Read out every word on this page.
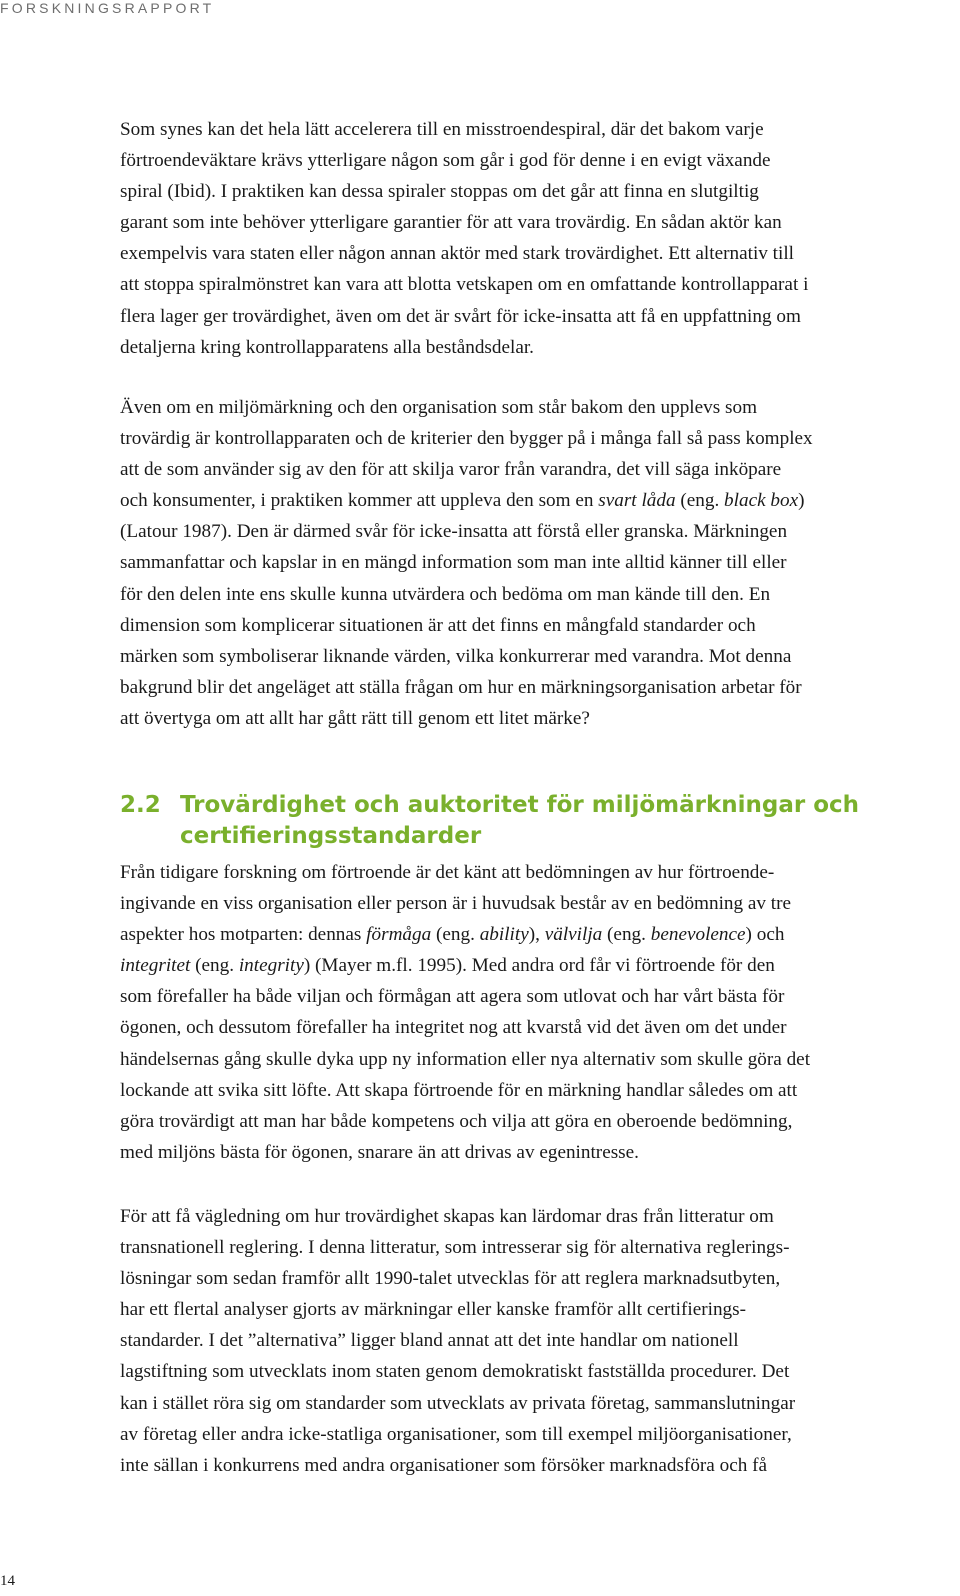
FORSKNINGSRAPPORT
Som synes kan det hela lätt accelerera till en misstroendespiral, där det bakom varje
förtroendeväktare krävs ytterligare någon som går i god för denne i en evigt växande
spiral (Ibid). I praktiken kan dessa spiraler stoppas om det går att finna en slutgiltig
garant som inte behöver ytterligare garantier för att vara trovärdig. En sådan aktör kan
exempelvis vara staten eller någon annan aktör med stark trovärdighet. Ett alternativ till
att stoppa spiralmönstret kan vara att blotta vetskapen om en omfattande kontrollapparat i
flera lager ger trovärdighet, även om det är svårt för icke-insatta att få en uppfattning om
detaljerna kring kontrollapparatens alla beståndsdelar.
Även om en miljömärkning och den organisation som står bakom den upplevs som
trovärdig är kontrollapparaten och de kriterier den bygger på i många fall så pass komplex
att de som använder sig av den för att skilja varor från varandra, det vill säga inköpare
och konsumenter, i praktiken kommer att uppleva den som en svart låda (eng. black box)
(Latour 1987). Den är därmed svår för icke-insatta att förstå eller granska. Märkningen
sammanfattar och kapslar in en mängd information som man inte alltid känner till eller
för den delen inte ens skulle kunna utvärdera och bedöma om man kände till den. En
dimension som komplicerar situationen är att det finns en mångfald standarder och
märken som symboliserar liknande värden, vilka konkurrerar med varandra. Mot denna
bakgrund blir det angeläget att ställa frågan om hur en märkningsorganisation arbetar för
att övertyga om att allt har gått rätt till genom ett litet märke?
2.2 Trovärdighet och auktoritet för miljömärkningar och
certifieringsstandarder
Från tidigare forskning om förtroende är det känt att bedömningen av hur förtroende-
ingivande en viss organisation eller person är i huvudsak består av en bedömning av tre
aspekter hos motparten: dennas förmåga (eng. ability), välvilja (eng. benevolence) och
integritet (eng. integrity) (Mayer m.fl. 1995). Med andra ord får vi förtroende för den
som förefaller ha både viljan och förmågan att agera som utlovat och har vårt bästa för
ögonen, och dessutom förefaller ha integritet nog att kvarstå vid det även om det under
händelsernas gång skulle dyka upp ny information eller nya alternativ som skulle göra det
lockande att svika sitt löfte. Att skapa förtroende för en märkning handlar således om att
göra trovärdigt att man har både kompetens och vilja att göra en oberoende bedömning,
med miljöns bästa för ögonen, snarare än att drivas av egenintresse.
För att få vägledning om hur trovärdighet skapas kan lärdomar dras från litteratur om
transnationell reglering. I denna litteratur, som intresserar sig för alternativa reglerings-
lösningar som sedan framför allt 1990-talet utvecklas för att reglera marknadsutbyten,
har ett flertal analyser gjorts av märkningar eller kanske framför allt certifierings-
standarder. I det ”alternativa” ligger bland annat att det inte handlar om nationell
lagstiftning som utvecklats inom staten genom demokratiskt fastställda procedurer. Det
kan i stället röra sig om standarder som utvecklats av privata företag, sammanslutningar
av företag eller andra icke-statliga organisationer, som till exempel miljöorganisationer,
inte sällan i konkurrens med andra organisationer som försöker marknadsföra och få
14
